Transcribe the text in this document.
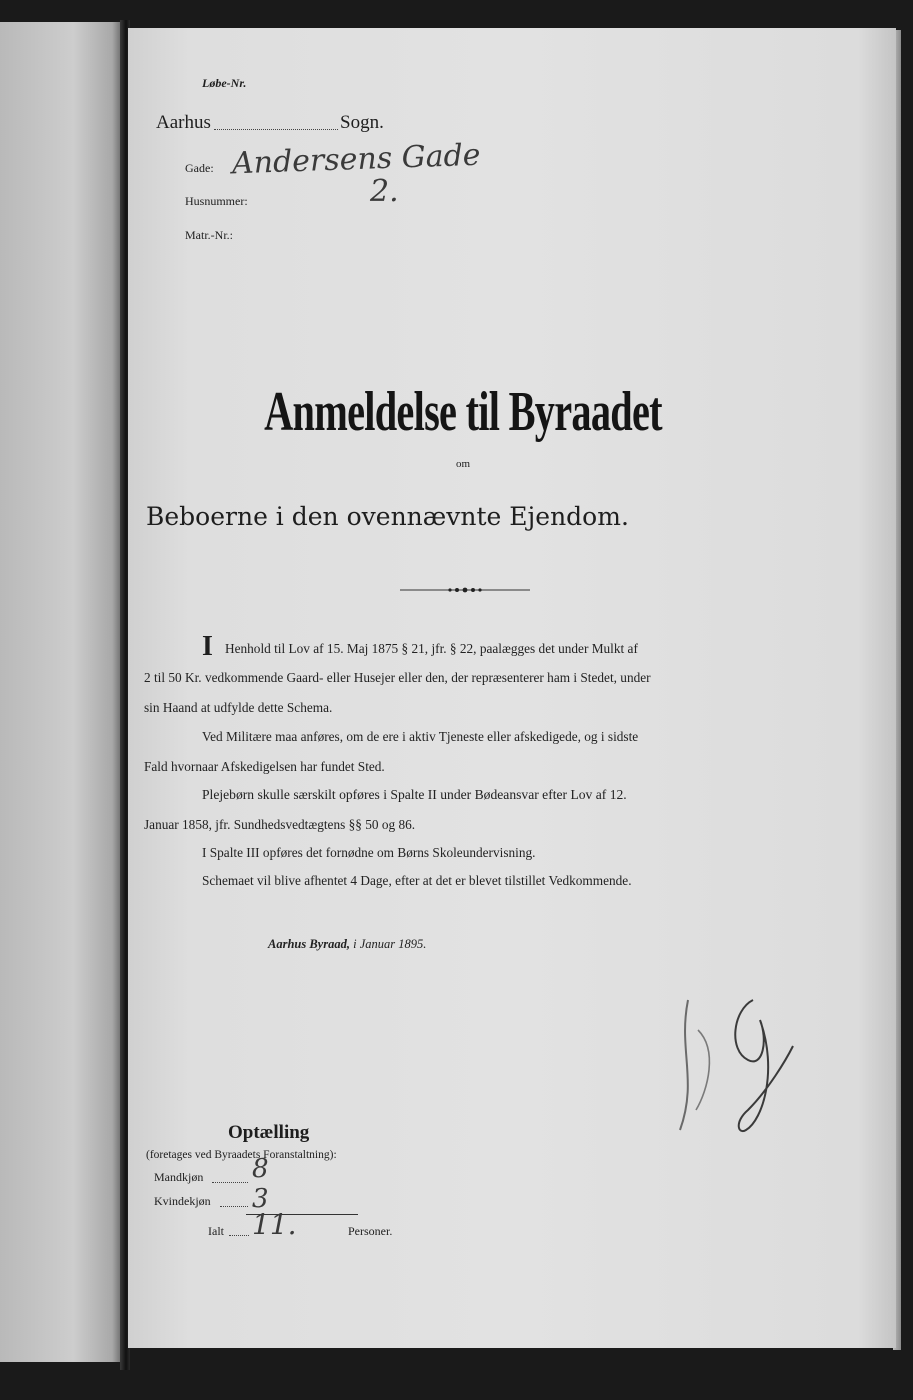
Løbe-Nr.
Aarhus	Sogn.
Gade: Andersens Gade
Husnummer:	2.
Matr.-Nr.:
Anmeldelse til Byraadet
om
Beboerne i den ovennævnte Ejendom.
I Henhold til Lov af 15. Maj 1875 § 21, jfr. § 22, paalægges det under Mulkt af
2 til 50 Kr. vedkommende Gaard- eller Husejer eller den, der repræsenterer ham i Stedet, under
sin Haand at udfylde dette Schema.
Ved Militære maa anføres, om de ere i aktiv Tjeneste eller afskedigede, og i sidste
Fald hvornaar Afskedigelsen har fundet Sted.
Plejebørn skulle særskilt opføres i Spalte II under Bødeansvar efter Lov af 12.
Januar 1858, jfr. Sundhedsvedtægtens §§ 50 og 86.
I Spalte III opføres det fornødne om Børns Skoleundervisning.
Schemaet vil blive afhentet 4 Dage, efter at det er blevet tilstillet Vedkommende.
Aarhus Byraad, i Januar 1895.
Optælling
(foretages ved Byraadets Foranstaltning):
Mandkjøn 8
Kvindekjøn 3
Ialt 11.	Personer.
